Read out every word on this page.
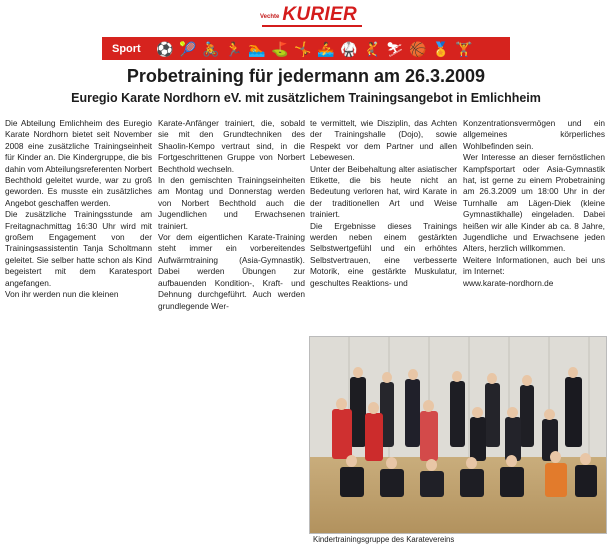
Vechte KURIER
Sport	⚽ 🎾 🚴 🏃 🏊 ⛳ 🤸 🚣 🥋 🤾 ⛷ 🏀 🏅 🏋
Probetraining für jedermann am 26.3.2009
Euregio Karate Nordhorn eV. mit zusätzlichem Trainingsangebot in Emlichheim

Die Abteilung Emlichheim des Euregio Karate Nordhorn bietet seit November 2008 eine zusätzliche Trainingseinheit für Kinder an. Die Kindergruppe, die bis dahin vom Abteilungsreferenten Norbert Bechthold geleitet wurde, war zu groß geworden. Es musste ein zusätzliches Angebot geschaffen werden.

Die zusätzliche Trainingsstunde am Freitagnachmittag 16:30 Uhr wird mit großem Engagement von der Trainingsassistentin Tanja Scholtmann geleitet. Sie selber hatte schon als Kind begeistert mit dem Karatesport angefangen.

Von ihr werden nun die kleinen

Karate-Anfänger trainiert, die, sobald sie mit den Grundtechniken des Shaolin-Kempo vertraut sind, in die Fortgeschrittenen Gruppe von Norbert Bechthold wechseln.

In den gemischten Trainingseinheiten am Montag und Donnerstag werden von Norbert Bechthold auch die Jugendlichen und Erwachsenen trainiert.

Vor dem eigentlichen Karate-Training steht immer ein vorbereitendes Aufwärmtraining (Asia-Gymnastik). Dabei werden Übungen zur aufbauenden Kondition-, Kraft- und Dehnung durchgeführt. Auch werden grundlegende Wer-

te vermittelt, wie Disziplin, das Achten der Trainingshalle (Dojo), sowie Respekt vor dem Partner und allen Lebewesen.

Unter der Beibehaltung alter asiatischer Etikette, die bis heute nicht an Bedeutung verloren hat, wird Karate in der traditionellen Art und Weise trainiert.

Die Ergebnisse dieses Trainings werden neben einem gestärkten Selbstwertgefühl und ein erhöhtes Selbstvertrauen, eine verbesserte Motorik, eine gestärkte Muskulatur, geschultes Reaktions- und

Konzentrationsvermögen und ein allgemeines körperliches Wohlbefinden sein.

Wer Interesse an dieser fernöstlichen Kampfsportart oder Asia-Gymnastik hat, ist gerne zu einem Probetraining am 26.3.2009 um 18:00 Uhr in der Turnhalle am Lägen-Diek (kleine Gymnastikhalle) eingeladen. Dabei heißen wir alle Kinder ab ca. 8 Jahre, Jugendliche und Erwachsene jeden Alters, herzlich willkommen.

Weitere Informationen, auch bei uns im Internet:

www.karate-nordhorn.de

Kindertrainingsgruppe des Karatevereins
